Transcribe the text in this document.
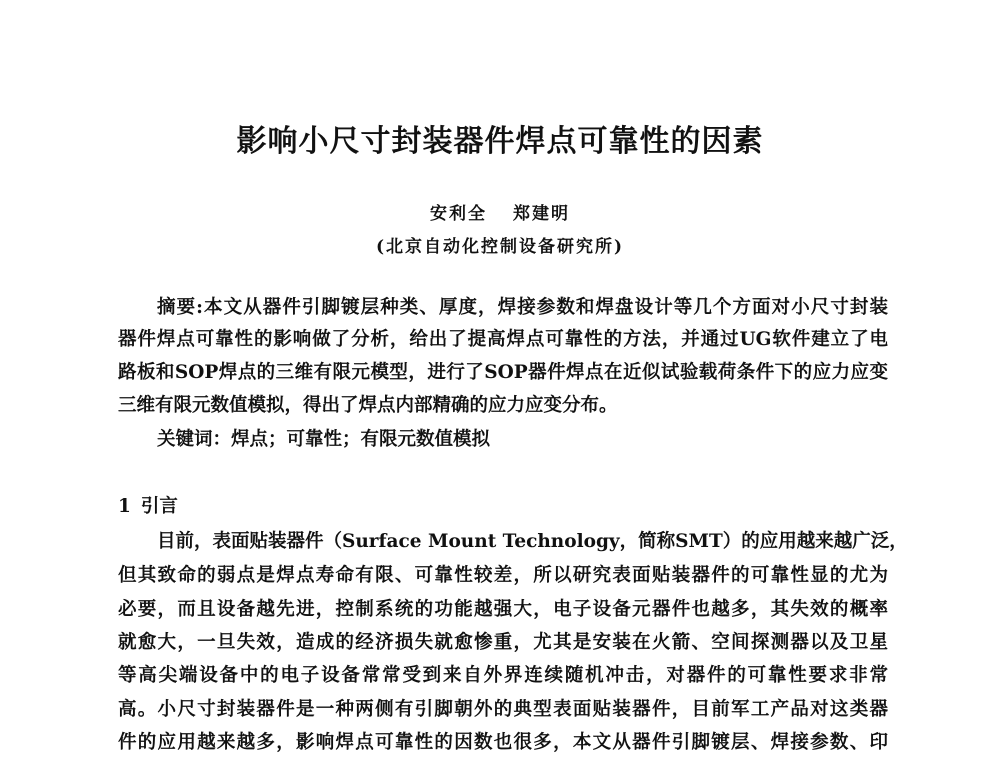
影响小尺寸封装器件焊点可靠性的因素
安利全 郑建明
(北京自动化控制设备研究所)
摘要:本文从器件引脚镀层种类、厚度，焊接参数和焊盘设计等几个方面对小尺寸封装
器件焊点可靠性的影响做了分析，给出了提高焊点可靠性的方法，并通过UG软件建立了电
路板和SOP焊点的三维有限元模型，进行了SOP器件焊点在近似试验载荷条件下的应力应变
三维有限元数值模拟，得出了焊点内部精确的应力应变分布。
关键词：焊点；可靠性；有限元数值模拟
1 引言
目前，表面贴装器件（Surface Mount Technology，简称SMT）的应用越来越广泛，
但其致命的弱点是焊点寿命有限、可靠性较差，所以研究表面贴装器件的可靠性显的尤为
必要，而且设备越先进，控制系统的功能越强大，电子设备元器件也越多，其失效的概率
就愈大，一旦失效，造成的经济损失就愈惨重，尤其是安装在火箭、空间探测器以及卫星
等高尖端设备中的电子设备常常受到来自外界连续随机冲击，对器件的可靠性要求非常
高。小尺寸封装器件是一种两侧有引脚朝外的典型表面贴装器件，目前军工产品对这类器
件的应用越来越多，影响焊点可靠性的因数也很多，本文从器件引脚镀层、焊接参数、印
